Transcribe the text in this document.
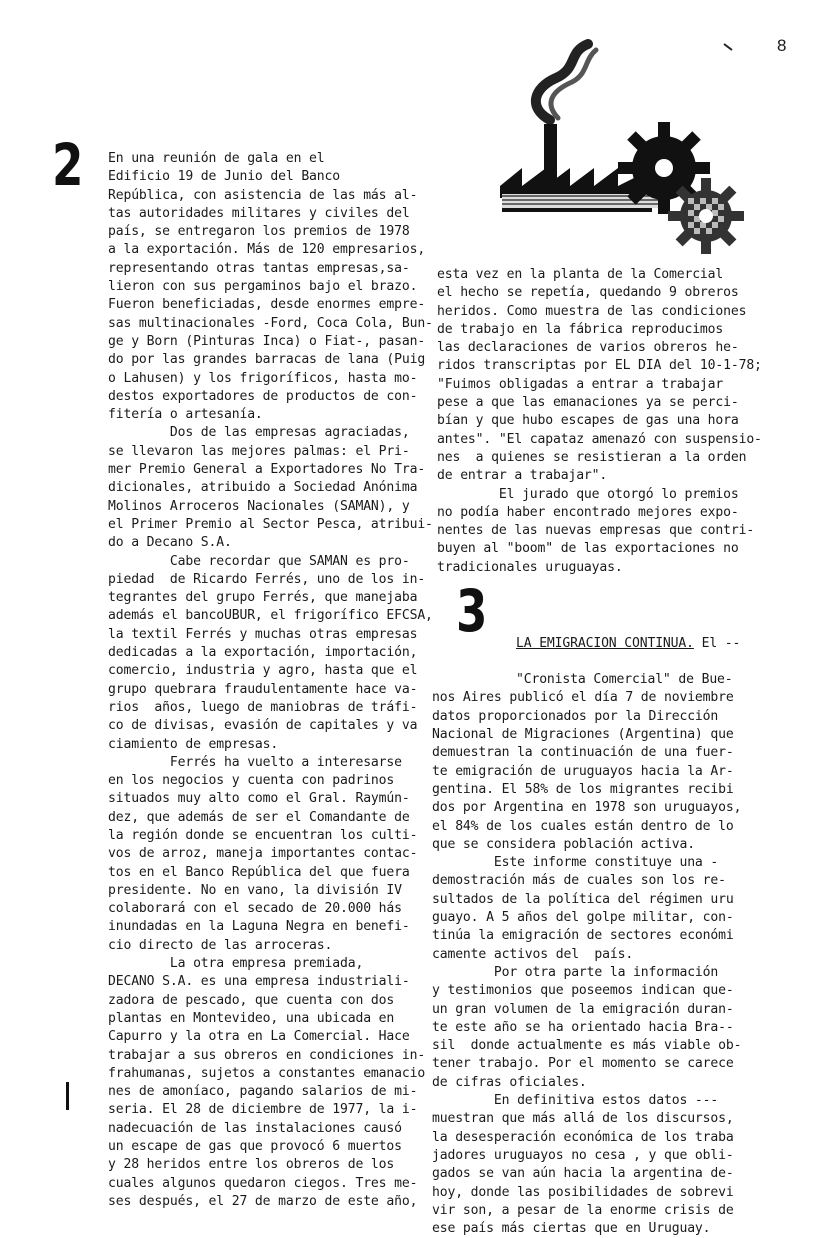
8
2
3
En una reunión de gala en el
Edificio 19 de Junio del Banco
República, con asistencia de las más al-
tas autoridades militares y civiles del
país, se entregaron los premios de 1978
a la exportación. Más de 120 empresarios,
representando otras tantas empresas,sa-
lieron con sus pergaminos bajo el brazo.
Fueron beneficiadas, desde enormes empre-
sas multinacionales -Ford, Coca Cola, Bun-
ge y Born (Pinturas Inca) o Fiat-, pasan-
do por las grandes barracas de lana (Puig
o Lahusen) y los frigoríficos, hasta mo-
destos exportadores de productos de con-
fitería o artesanía.
Dos de las empresas agraciadas,
se llevaron las mejores palmas: el Pri-
mer Premio General a Exportadores No Tra-
dicionales, atribuido a Sociedad Anónima
Molinos Arroceros Nacionales (SAMAN), y
el Primer Premio al Sector Pesca, atribui-
do a Decano S.A.
Cabe recordar que SAMAN es pro-
piedad  de Ricardo Ferrés, uno de los in-
tegrantes del grupo Ferrés, que manejaba
además el bancoUBUR, el frigorífico EFCSA,
la textil Ferrés y muchas otras empresas
dedicadas a la exportación, importación,
comercio, industria y agro, hasta que el
grupo quebrara fraudulentamente hace va-
rios  años, luego de maniobras de tráfi-
co de divisas, evasión de capitales y va
ciamiento de empresas.
Ferrés ha vuelto a interesarse
en los negocios y cuenta con padrinos
situados muy alto como el Gral. Raymún-
dez, que además de ser el Comandante de
la región donde se encuentran los culti-
vos de arroz, maneja importantes contac-
tos en el Banco República del que fuera
presidente. No en vano, la división IV
colaborará con el secado de 20.000 hás
inundadas en la Laguna Negra en benefi-
cio directo de las arroceras.
La otra empresa premiada,
DECANO S.A. es una empresa industriali-
zadora de pescado, que cuenta con dos
plantas en Montevideo, una ubicada en
Capurro y la otra en La Comercial. Hace
trabajar a sus obreros en condiciones in-
frahumanas, sujetos a constantes emanacio
nes de amoníaco, pagando salarios de mi-
seria. El 28 de diciembre de 1977, la i-
nadecuación de las instalaciones causó
un escape de gas que provocó 6 muertos
y 28 heridos entre los obreros de los
cuales algunos quedaron ciegos. Tres me-
ses después, el 27 de marzo de este año,
esta vez en la planta de la Comercial
el hecho se repetía, quedando 9 obreros
heridos. Como muestra de las condiciones
de trabajo en la fábrica reproducimos
las declaraciones de varios obreros he-
ridos transcriptas por EL DIA del 10-1-78;
"Fuimos obligadas a entrar a trabajar
pese a que las emanaciones ya se perci-
bían y que hubo escapes de gas una hora
antes". "El capataz amenazó con suspensio-
nes  a quienes se resistieran a la orden
de entrar a trabajar".
El jurado que otorgó lo premios
no podía haber encontrado mejores expo-
nentes de las nuevas empresas que contri-
buyen al "boom" de las exportaciones no
tradicionales uruguayas.

LA EMIGRACION CONTINUA. El --

"Cronista Comercial" de Bue-
nos Aires publicó el día 7 de noviembre
datos proporcionados por la Dirección
Nacional de Migraciones (Argentina) que
demuestran la continuación de una fuer-
te emigración de uruguayos hacia la Ar-
gentina. El 58% de los migrantes recibi
dos por Argentina en 1978 son uruguayos,
el 84% de los cuales están dentro de lo
que se considera población activa.
Este informe constituye una -
demostración más de cuales son los re-
sultados de la política del régimen uru
guayo. A 5 años del golpe militar, con-
tinúa la emigración de sectores económi
camente activos del  país.
Por otra parte la información
y testimonios que poseemos indican que-
un gran volumen de la emigración duran-
te este año se ha orientado hacia Bra--
sil  donde actualmente es más viable ob-
tener trabajo. Por el momento se carece
de cifras oficiales.
En definitiva estos datos ---
muestran que más allá de los discursos,
la desesperación económica de los traba
jadores uruguayos no cesa , y que obli-
gados se van aún hacia la argentina de-
hoy, donde las posibilidades de sobrevi
vir son, a pesar de la enorme crisis de
ese país más ciertas que en Uruguay.
